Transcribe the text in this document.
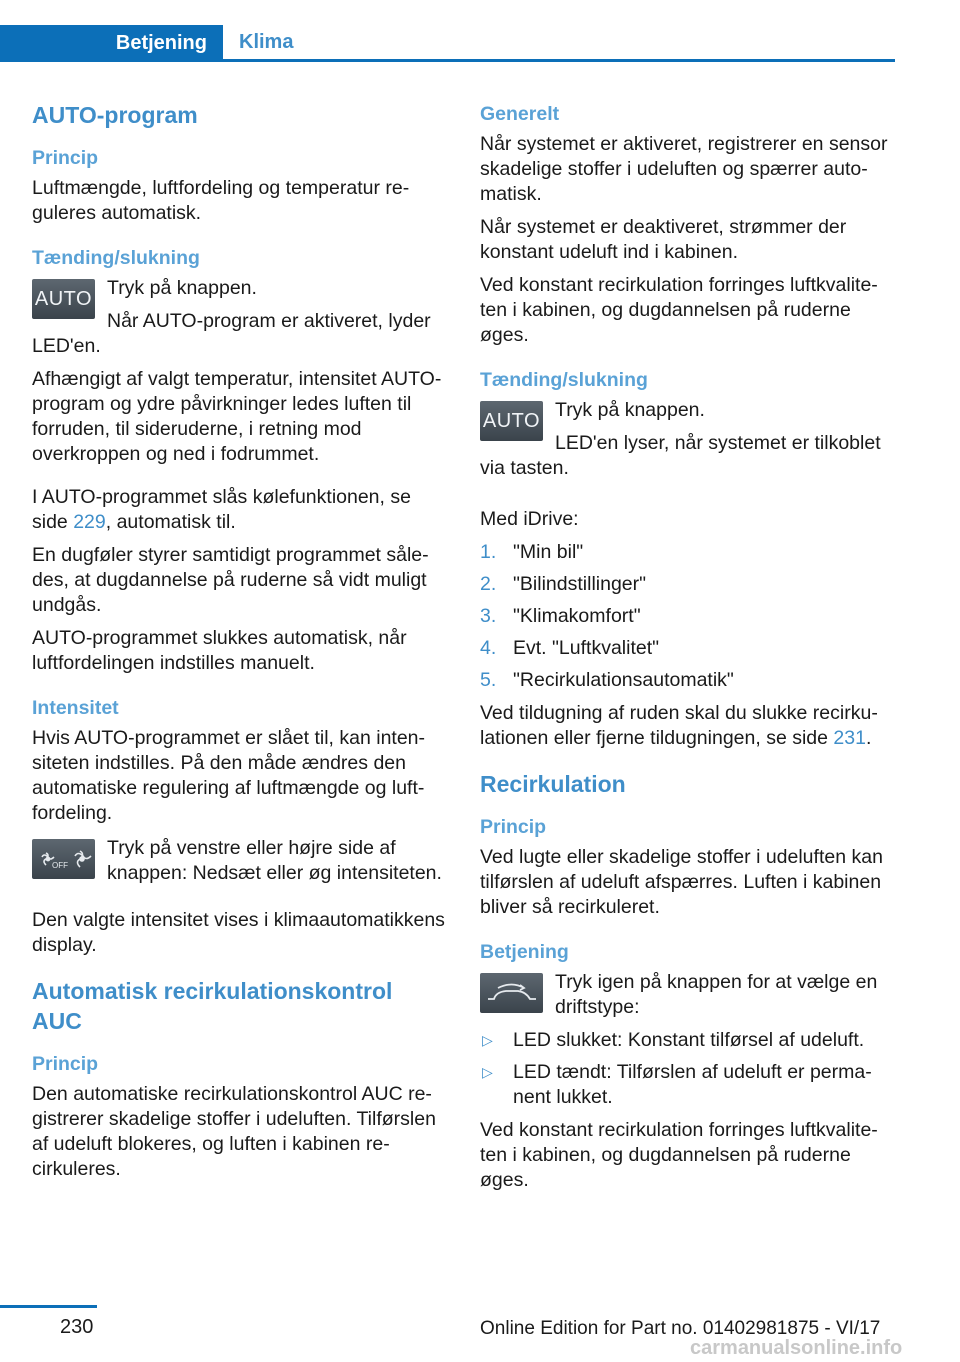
Betjening Klima
AUTO-program
Princip

Luftmængde, luftfordeling og temperatur reguleres automatisk.

Tænding/slukning
AUTO Tryk på knappen.

Når AUTO-program er aktiveret, lyder LED'en.

Afhængigt af valgt temperatur, intensitet AUTO-program og ydre påvirkninger ledes luften til forruden, til sideruderne, i retning mod overkroppen og ned i fodrummet.

I AUTO-programmet slås kølefunktionen, se side 229, automatisk til.

En dugføler styrer samtidigt programmet således, at dugdannelse på ruderne så vidt muligt undgås.

AUTO-programmet slukkes automatisk, når luftfordelingen indstilles manuelt.

Intensitet

Hvis AUTO-programmet er slået til, kan intensiteten indstilles. På den måde ændres den automatiske regulering af luftmængde og luftfordeling.

OFF

Tryk på venstre eller højre side af knappen: Nedsæt eller øg intensiteten.

Den valgte intensitet vises i klimaautomatikkens display.

Automatisk recirkulationskontrol AUC
Princip

Den automatiske recirkulationskontrol AUC registrerer skadelige stoffer i udeluften. Tilførslen af udeluft blokeres, og luften i kabinen recirkuleres.

Generelt

Når systemet er aktiveret, registrerer en sensor skadelige stoffer i udeluften og spærrer automatisk.

Når systemet er deaktiveret, strømmer der konstant udeluft ind i kabinen.

Ved konstant recirkulation forringes luftkvaliteten i kabinen, og dugdannelsen på ruderne øges.

Tænding/slukning
AUTO Tryk på knappen.

LED'en lyser, når systemet er tilkoblet via tasten.

Med iDrive:

1. "Min bil"
2. "Bilindstillinger"
3. "Klimakomfort"
4. Evt. "Luftkvalitet"
5. "Recirkulationsautomatik"

Ved tildugning af ruden skal du slukke recirkulationen eller fjerne tildugningen, se side 231.

Recirkulation
Princip

Ved lugte eller skadelige stoffer i udeluften kan tilførslen af udeluft afspærres. Luften i kabinen bliver så recirkuleret.

Betjening

Tryk igen på knappen for at vælge en driftstype:

▷ LED slukket: Konstant tilførsel af udeluft.
▷ LED tændt: Tilførslen af udeluft er permanent lukket.

Ved konstant recirkulation forringes luftkvaliteten i kabinen, og dugdannelsen på ruderne øges.

230	Online Edition for Part no. 01402981875 - VI/17
carmanualsonline.info
